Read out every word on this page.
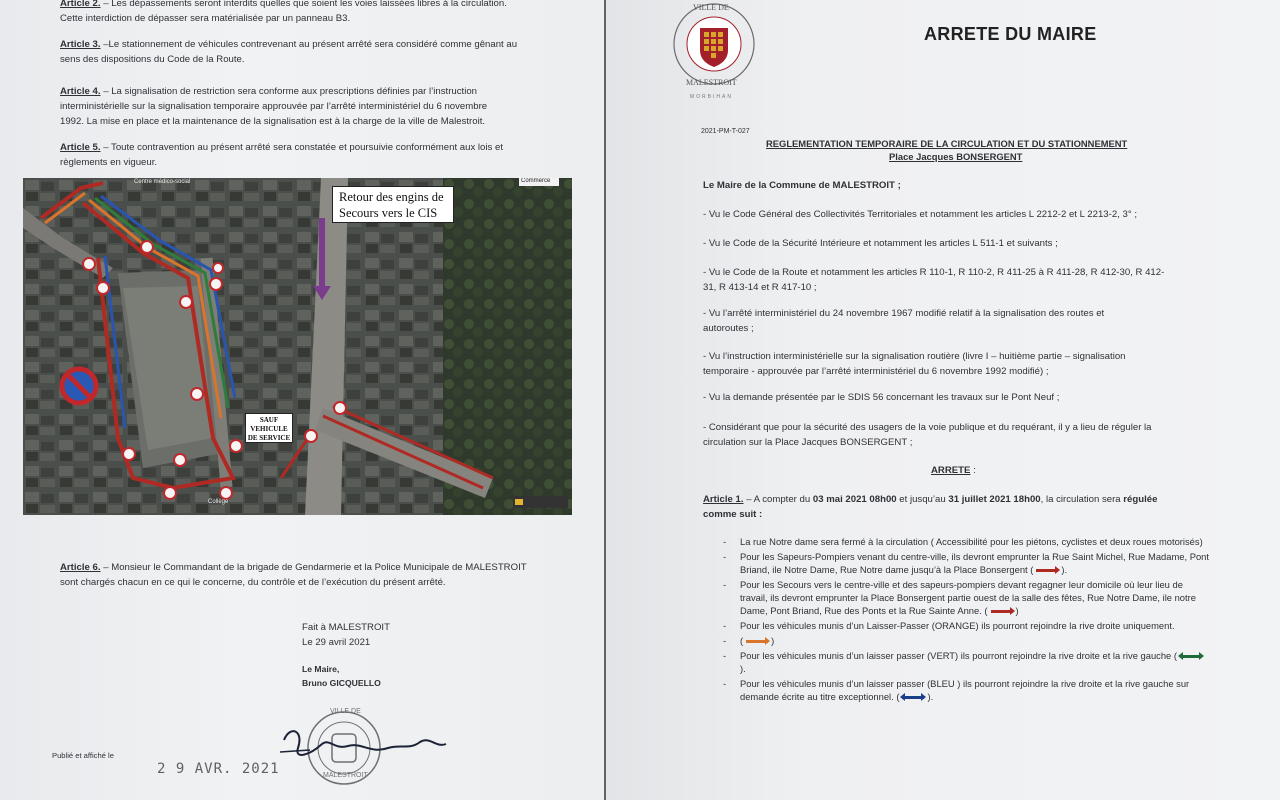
Article 2. – Les dépassements seront interdits quelles que soient les voies laissées libres à la circulation.
Cette interdiction de dépasser sera matérialisée par un panneau B3.
Article 3. –Le stationnement de véhicules contrevenant au présent arrêté sera considéré comme gênant au
sens des dispositions du Code de la Route.
Article 4. – La signalisation de restriction sera conforme aux prescriptions définies par l’instruction
interministérielle sur la signalisation temporaire approuvée par l’arrêté interministériel du 6 novembre
1992. La mise en place et la maintenance de la signalisation est à la charge de la ville de Malestroit.
Article 5. – Toute contravention au présent arrêté sera constatée et poursuivie conformément aux lois et
règlements en vigueur.
Retour des engins de
Secours vers le CIS
SAUF
VEHICULE
DE SERVICE
Centre médico-social	Commerce
Collège
Article 6. – Monsieur le Commandant de la brigade de Gendarmerie et la Police Municipale de MALESTROIT
sont chargés chacun en ce qui le concerne, du contrôle et de l’exécution du présent arrêté.
Fait à MALESTROIT
Le 29 avril 2021
Le Maire,
Bruno GICQUELLO
VILLE DE
MALESTROIT
Publié et affiché le
2 9 AVR. 2021
VILLE DE
MALESTROIT
MORBIHAN
2021-PM-T-027
REGLEMENTATION TEMPORAIRE DE LA CIRCULATION ET DU STATIONNEMENT
Place Jacques BONSERGENT
Le Maire de la Commune de MALESTROIT ;
- Vu le Code Général des Collectivités Territoriales et notamment les articles L 2212-2 et L 2213-2, 3° ;
- Vu le Code de la Sécurité Intérieure et notamment les articles L 511-1 et suivants ;
- Vu le Code de la Route et notamment les articles R 110-1, R 110-2, R 411-25 à R 411-28, R 412-30, R 412-
31, R 413-14 et R 417-10 ;
- Vu l’arrêté interministériel du 24 novembre 1967 modifié relatif à la signalisation des routes et
autoroutes ;
- Vu l’instruction interministérielle sur la signalisation routière (livre I – huitième partie – signalisation
temporaire - approuvée par l’arrêté interministériel du 6 novembre 1992 modifié) ;
- Vu la demande présentée par le SDIS 56 concernant les travaux sur le Pont Neuf ;
- Considérant que pour la sécurité des usagers de la voie publique et du requérant, il y a lieu de réguler la
circulation sur la Place Jacques BONSERGENT ;
ARRETE :
Article 1. – A compter du 03 mai 2021 08h00 et jusqu’au 31 juillet 2021 18h00, la circulation sera régulée
comme suit :
- La rue Notre dame sera fermé à la circulation ( Accessibilité pour les piétons, cyclistes et deux roues motorisés)
- Pour les Sapeurs-Pompiers venant du centre-ville, ils devront emprunter la Rue Saint Michel, Rue Madame, Pont Briand, ile Notre Dame, Rue Notre dame jusqu’à la Place Bonsergent (	).
- Pour les Secours vers le centre-ville et des sapeurs-pompiers devant regagner leur domicile où leur lieu de travail, ils devront emprunter la Place Bonsergent partie ouest de la salle des fêtes, Rue Notre Dame, ile notre Dame, Pont Briand, Rue des Ponts et la Rue Sainte Anne. (	)
- Pour les véhicules munis d’un Laisser-Passer (ORANGE) ils pourront rejoindre la rive droite uniquement.
- (	)
- Pour les véhicules munis d’un laisser passer (VERT) ils pourront rejoindre la rive droite et la rive gauche ().
- Pour les véhicules munis d’un laisser passer (BLEU ) ils pourront rejoindre la rive droite et la rive gauche sur demande écrite au titre exceptionnel. (	).
ARRETE DU MAIRE
